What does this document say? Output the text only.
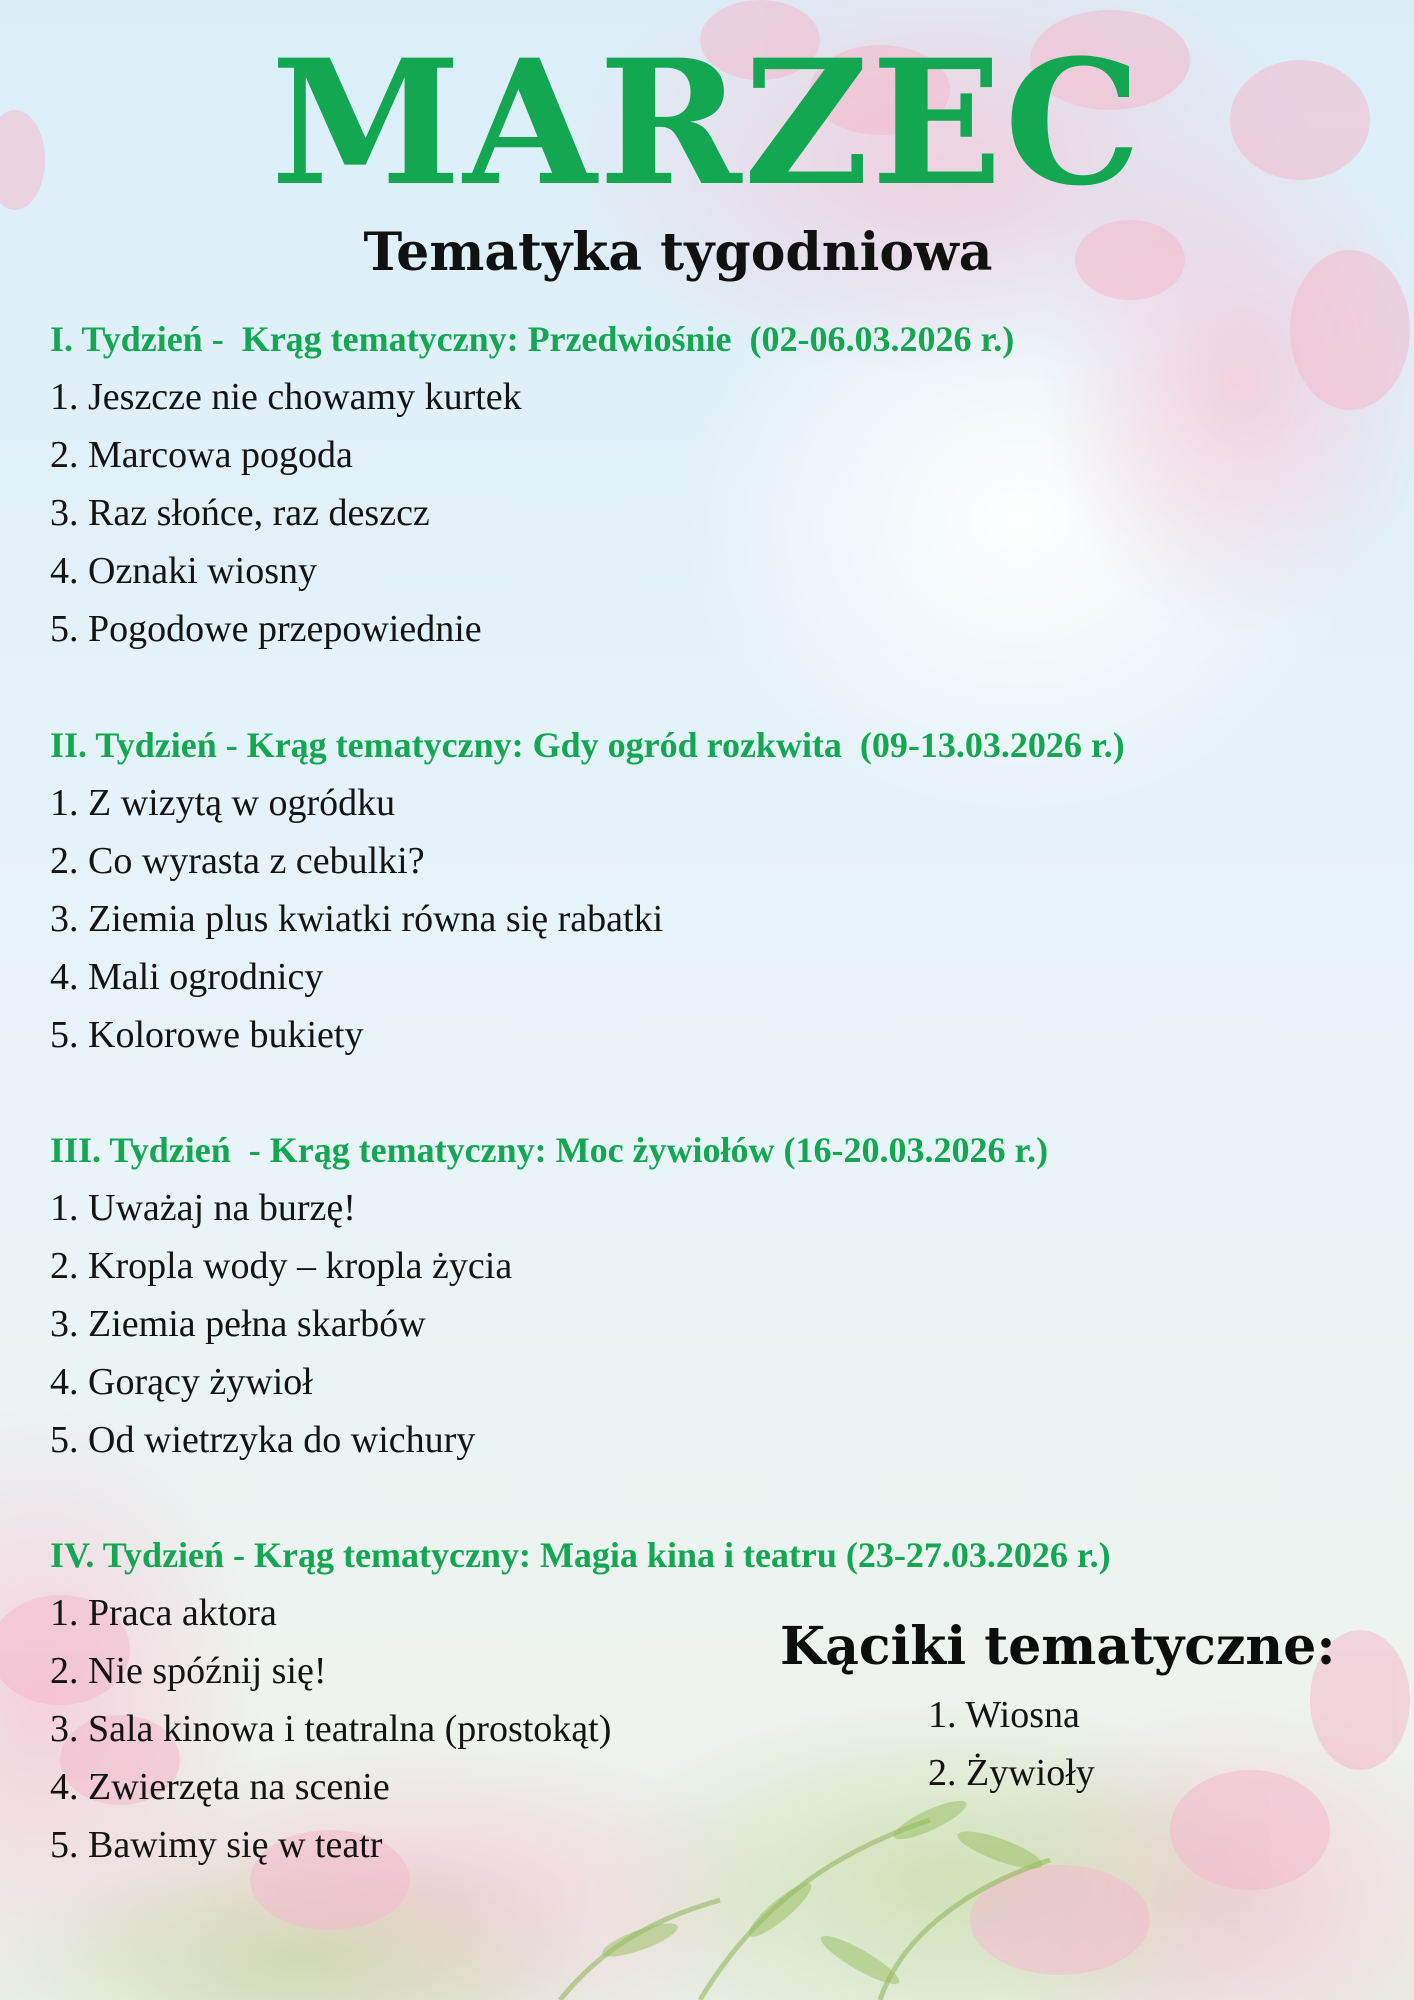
MARZEC
Tematyka tygodniowa
I. Tydzień -  Krąg tematyczny: Przedwiośnie  (02-06.03.2026 r.)
1. Jeszcze nie chowamy kurtek
2. Marcowa pogoda
3. Raz słońce, raz deszcz
4. Oznaki wiosny
5. Pogodowe przepowiednie
II. Tydzień - Krąg tematyczny: Gdy ogród rozkwita  (09-13.03.2026 r.)
1. Z wizytą w ogródku
2. Co wyrasta z cebulki?
3. Ziemia plus kwiatki równa się rabatki
4. Mali ogrodnicy
5. Kolorowe bukiety
III. Tydzień  - Krąg tematyczny: Moc żywiołów (16-20.03.2026 r.)
1. Uważaj na burzę!
2. Kropla wody – kropla życia
3. Ziemia pełna skarbów
4. Gorący żywioł
5. Od wietrzyka do wichury
IV. Tydzień - Krąg tematyczny: Magia kina i teatru (23-27.03.2026 r.)
1. Praca aktora
2. Nie spóźnij się!
3. Sala kinowa i teatralna (prostokąt)
4. Zwierzęta na scenie
5. Bawimy się w teatr
Kąciki tematyczne:
1. Wiosna
2. Żywioły
